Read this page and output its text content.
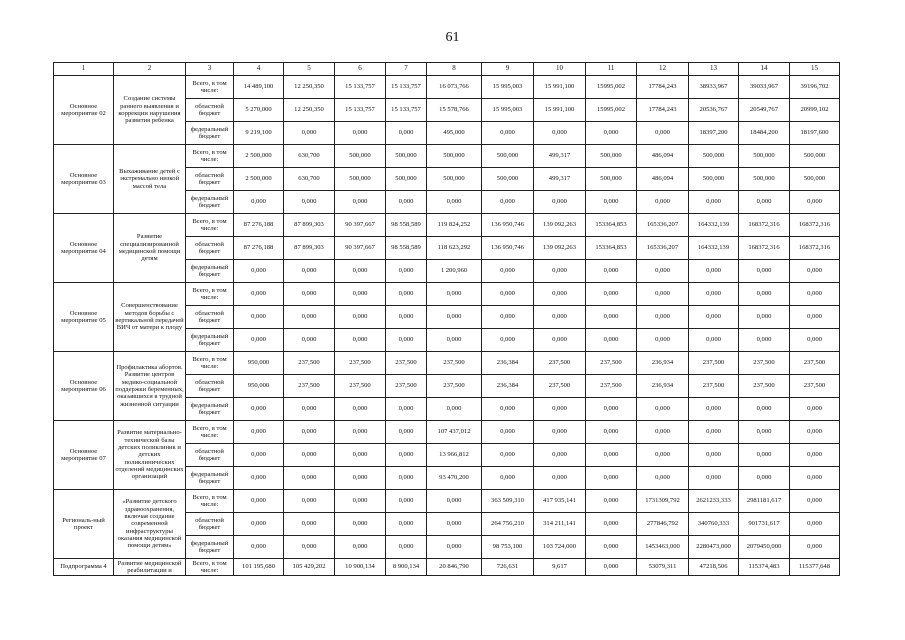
61
1	2	3	4	5	6	7	8	9	10	11	12	13	14	15
Основное мероприятие 02	Создание системы раннего выявления и коррекции нарушения развития ребенка	Всего, в том числе:	14 489,100	12 250,350	15 133,757	15 133,757	16 073,766	15 995,003	15 991,100	15995,002	17784,243	38933,967	39033,967	39196,702
		областной бюджет	5 270,000	12 250,350	15 133,757	15 133,757	15 578,766	15 995,003	15 991,100	15995,002	17784,243	20536,767	20549,767	20999,102
		федеральный бюджет	9 219,100	0,000	0,000	0,000	495,000	0,000	0,000	0,000	0,000	18397,200	18484,200	18197,600
Основное мероприятие 03	Выхаживание детей с экстремально низкой массой тела	Всего, в том числе:	2 500,000	630,700	500,000	500,000	500,000	500,000	499,317	500,000	486,094	500,000	500,000	500,000
		областной бюджет	2 500,000	630,700	500,000	500,000	500,000	500,000	499,317	500,000	486,094	500,000	500,000	500,000
		федеральный бюджет	0,000	0,000	0,000	0,000	0,000	0,000	0,000	0,000	0,000	0,000	0,000	0,000
Основное мероприятие 04	Развитие специализированной медицинской помощи детям	Всего, в том числе:	87 276,188	87 899,303	90 397,667	98 558,589	119 824,252	136 950,746	139 092,263	153364,853	165336,207	164332,139	168372,316	168372,316
		областной бюджет	87 276,188	87 899,303	90 397,667	98 558,589	118 623,292	136 950,746	139 092,263	153364,853	165336,207	164332,139	168372,316	168372,316
		федеральный бюджет	0,000	0,000	0,000	0,000	1 200,960	0,000	0,000	0,000	0,000	0,000	0,000	0,000
Основное мероприятие 05	Совершенствование методов борьбы с вертикальной передачей ВИЧ от матери к плоду	Всего, в том числе:	0,000	0,000	0,000	0,000	0,000	0,000	0,000	0,000	0,000	0,000	0,000	0,000
		областной бюджет	0,000	0,000	0,000	0,000	0,000	0,000	0,000	0,000	0,000	0,000	0,000	0,000
		федеральный бюджет	0,000	0,000	0,000	0,000	0,000	0,000	0,000	0,000	0,000	0,000	0,000	0,000
Основное мероприятие 06	Профилактика абортов. Развитие центров медико-социальной поддержки беременных, оказавшихся в трудной жизненной ситуации	Всего, в том числе:	950,000	237,500	237,500	237,500	237,500	236,384	237,500	237,500	236,934	237,500	237,500	237,500
		областной бюджет	950,000	237,500	237,500	237,500	237,500	236,384	237,500	237,500	236,934	237,500	237,500	237,500
		федеральный бюджет	0,000	0,000	0,000	0,000	0,000	0,000	0,000	0,000	0,000	0,000	0,000	0,000
Основное мероприятие 07	Развитие материально-технической базы детских поликлиник и детских поликлинических отделений медицинских организаций	Всего, в том числе:	0,000	0,000	0,000	0,000	107 437,012	0,000	0,000	0,000	0,000	0,000	0,000	0,000
		областной бюджет	0,000	0,000	0,000	0,000	13 966,812	0,000	0,000	0,000	0,000	0,000	0,000	0,000
		федеральный бюджет	0,000	0,000	0,000	0,000	93 470,200	0,000	0,000	0,000	0,000	0,000	0,000	0,000
Региональ-ный проект	«Развитие детского здравоохранения, включая создание современной инфраструктуры оказания медицинской помощи детям»	Всего, в том числе:	0,000	0,000	0,000	0,000	0,000	363 509,310	417 935,141	0,000	1731309,792	2621233,333	2981181,617	0,000
		областной бюджет	0,000	0,000	0,000	0,000	0,000	264 756,210	314 211,141	0,000	277846,792	340760,333	901731,617	0,000
		федеральный бюджет	0,000	0,000	0,000	0,000	0,000	98 753,100	103 724,000	0,000	1453463,000	2280473,000	2079450,000	0,000
Подпрограмма 4	Развитие медицинской реабилитации и	Всего, в том числе:	101 195,680	105 429,202	10 900,134	8 900,134	20 846,790	726,631	9,617	0,000	53079,311	47218,506	115374,483	115377,648
